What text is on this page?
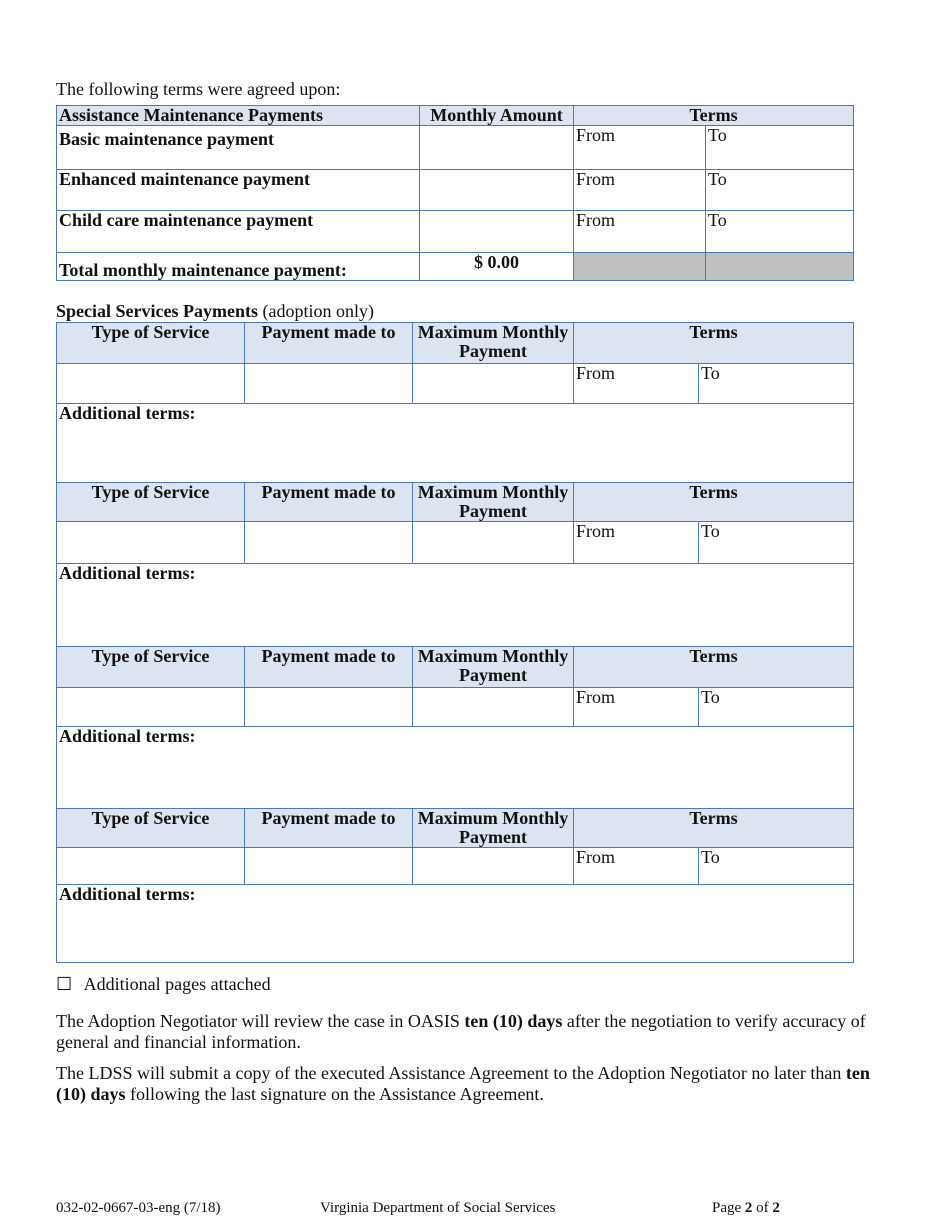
The following terms were agreed upon:
Assistance Maintenance Payments	Monthly Amount	Terms	
Basic maintenance payment		From	To
Enhanced maintenance payment		From	To
Child care maintenance payment		From	To
Total monthly maintenance payment:	$ 0.00		
Special Services Payments (adoption only)
Type of Service	Payment made to	Maximum Monthly Payment	Terms	
			From	To
Additional terms:				
Type of Service	Payment made to	Maximum Monthly Payment	Terms	
			From	To
Additional terms:				
Type of Service	Payment made to	Maximum Monthly Payment	Terms	
			From	To
Additional terms:				
Type of Service	Payment made to	Maximum Monthly Payment	Terms	
			From	To
Additional terms:				
☐ Additional pages attached
The Adoption Negotiator will review the case in OASIS ten (10) days after the negotiation to verify accuracy of general and financial information.
The LDSS will submit a copy of the executed Assistance Agreement to the Adoption Negotiator no later than ten (10) days following the last signature on the Assistance Agreement.
032-02-0667-03-eng (7/18)	Virginia Department of Social Services	Page 2 of 2
